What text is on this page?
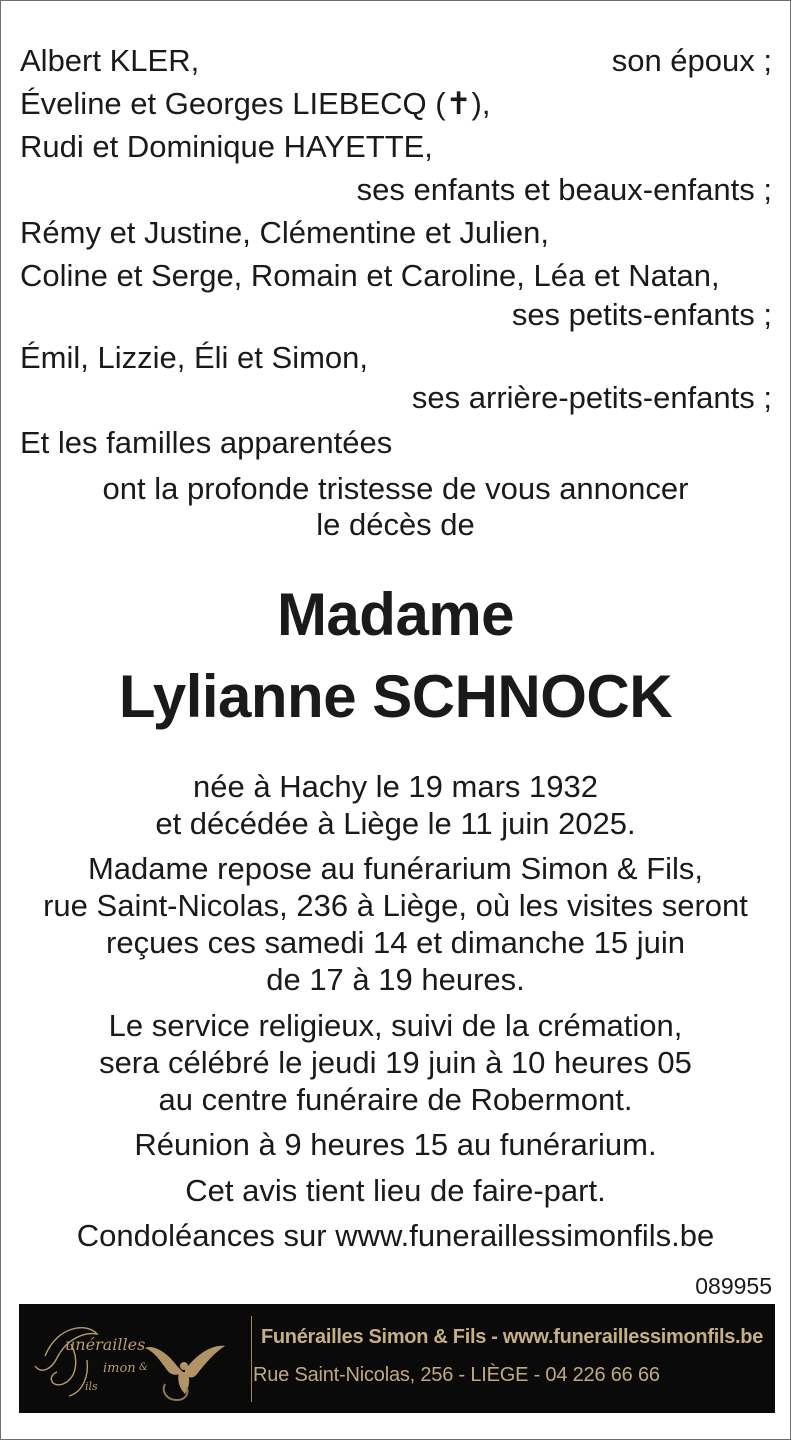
Albert KLER,	son époux ;
Éveline et Georges LIEBECQ (✝),
Rudi et Dominique HAYETTE,
ses enfants et beaux-enfants ;
Rémy et Justine, Clémentine et Julien,
Coline et Serge, Romain et Caroline, Léa et Natan,
ses petits-enfants ;
Émil, Lizzie, Éli et Simon,
ses arrière-petits-enfants ;
Et les familles apparentées
ont la profonde tristesse de vous annoncer
le décès de
Madame
Lylianne SCHNOCK
née à Hachy le 19 mars 1932
et décédée à Liège le 11 juin 2025.
Madame repose au funérarium Simon & Fils,
rue Saint-Nicolas, 236 à Liège, où les visites seront
reçues ces samedi 14 et dimanche 15 juin
de 17 à 19 heures.
Le service religieux, suivi de la crémation,
sera célébré le jeudi 19 juin à 10 heures 05
au centre funéraire de Robermont.
Réunion à 9 heures 15 au funérarium.
Cet avis tient lieu de faire-part.
Condoléances sur www.funeraillessimonfils.be
089955
unérailles
imon
ils
&
Funérailles Simon & Fils - www.funeraillessimonfils.be
Rue Saint-Nicolas, 256 - LIÈGE - 04 226 66 66
